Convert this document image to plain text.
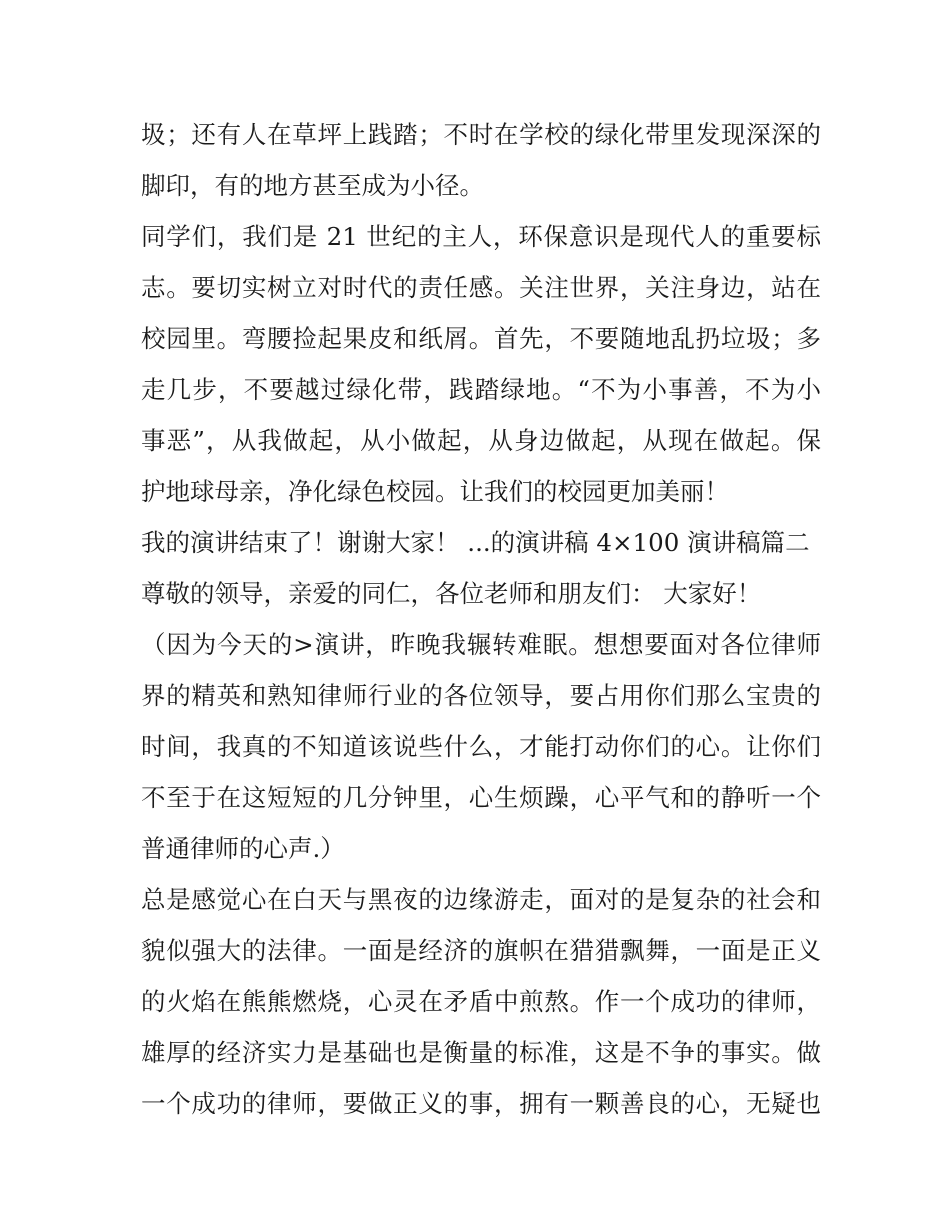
圾；还有人在草坪上践踏；不时在学校的绿化带里发现深深的
脚印，有的地方甚至成为小径。
同学们，我们是 21 世纪的主人，环保意识是现代人的重要标
志。要切实树立对时代的责任感。关注世界，关注身边，站在
校园里。弯腰捡起果皮和纸屑。首先，不要随地乱扔垃圾；多
走几步，不要越过绿化带，践踏绿地。“不为小事善，不为小
事恶”，从我做起，从小做起，从身边做起，从现在做起。保
护地球母亲，净化绿色校园。让我们的校园更加美丽！
我的演讲结束了！谢谢大家！ ...的演讲稿 4×100 演讲稿篇二
尊敬的领导，亲爱的同仁，各位老师和朋友们： 大家好！
（因为今天的>演讲，昨晚我辗转难眠。想想要面对各位律师
界的精英和熟知律师行业的各位领导，要占用你们那么宝贵的
时间，我真的不知道该说些什么，才能打动你们的心。让你们
不至于在这短短的几分钟里，心生烦躁，心平气和的静听一个
普通律师的心声.）
总是感觉心在白天与黑夜的边缘游走，面对的是复杂的社会和
貌似强大的法律。一面是经济的旗帜在猎猎飘舞，一面是正义
的火焰在熊熊燃烧，心灵在矛盾中煎熬。作一个成功的律师，
雄厚的经济实力是基础也是衡量的标准，这是不争的事实。做
一个成功的律师，要做正义的事，拥有一颗善良的心，无疑也
